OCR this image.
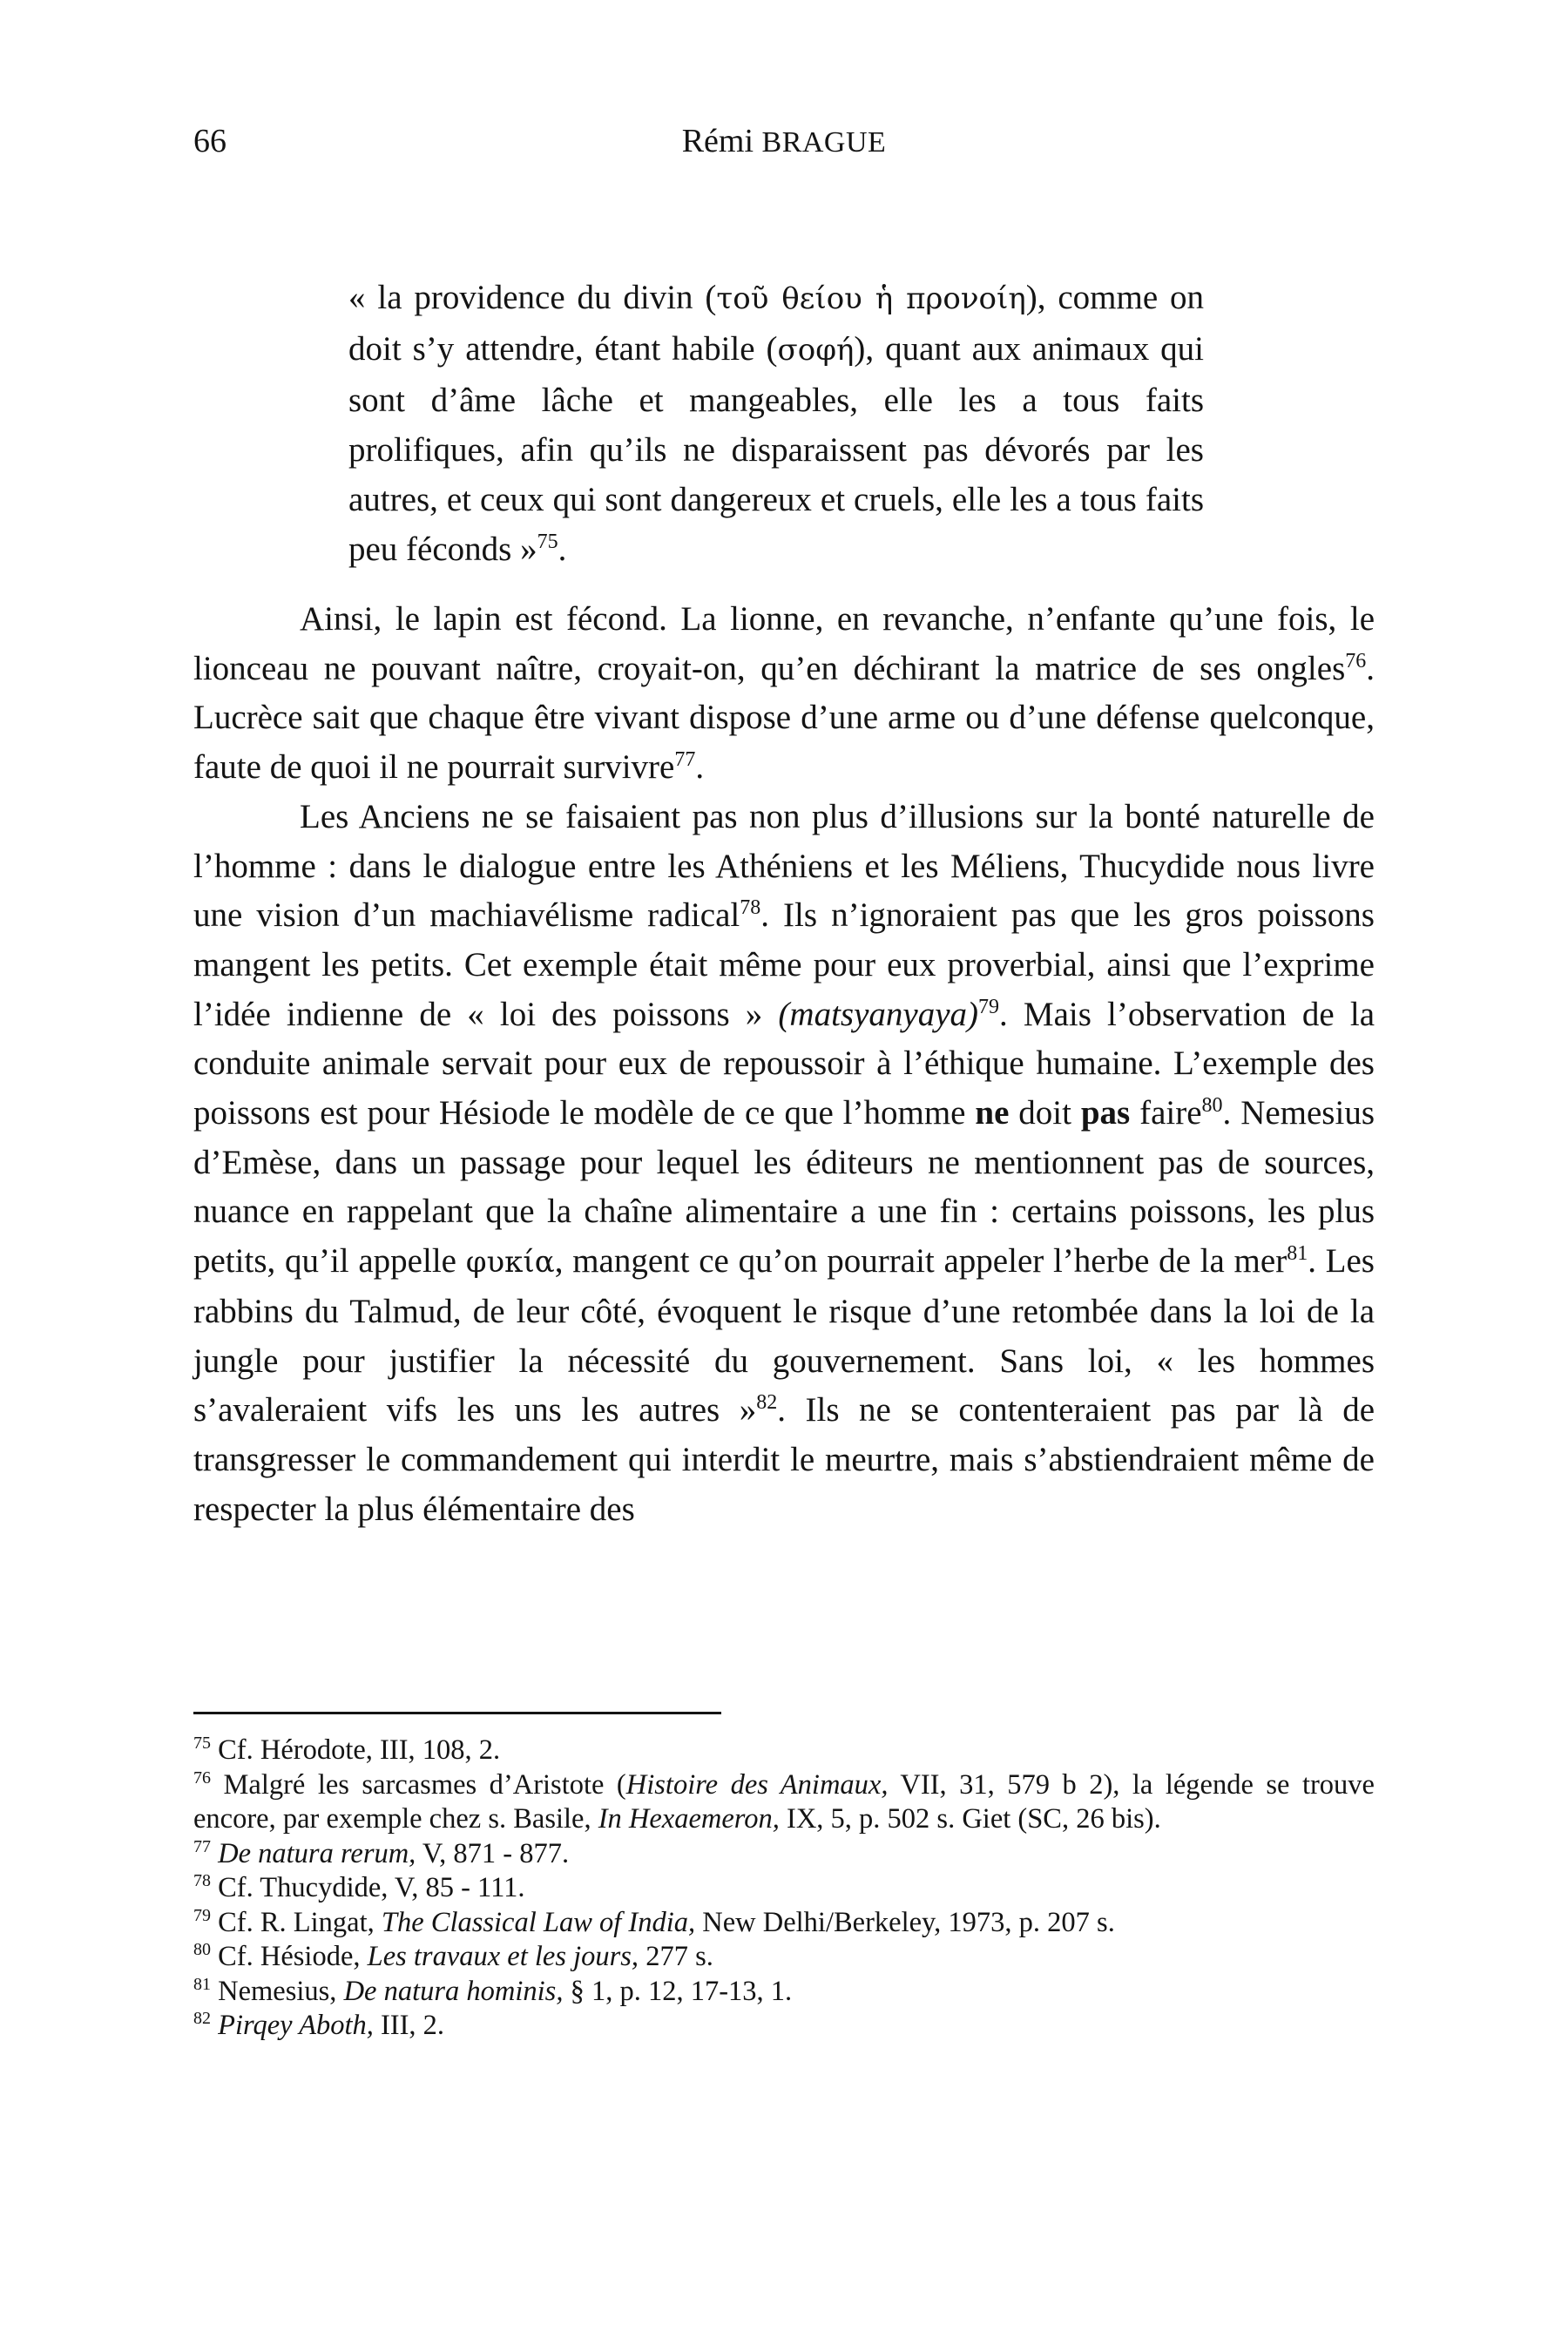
66	Rémi BRAGUE
« la providence du divin (τοῦ θείου ἡ προνοίη), comme on doit s’y attendre, étant habile (σοφή), quant aux animaux qui sont d’âme lâche et mangeables, elle les a tous faits prolifiques, afin qu’ils ne disparaissent pas dévorés par les autres, et ceux qui sont dangereux et cruels, elle les a tous faits peu féconds »$^{75}$.

Ainsi, le lapin est fécond. La lionne, en revanche, n’enfante qu’une fois, le lionceau ne pouvant naître, croyait-on, qu’en déchirant la matrice de ses ongles$^{76}$. Lucrèce sait que chaque être vivant dispose d’une arme ou d’une défense quelconque, faute de quoi il ne pourrait survivre$^{77}$.

Les Anciens ne se faisaient pas non plus d’illusions sur la bonté naturelle de l’homme : dans le dialogue entre les Athéniens et les Méliens, Thucydide nous livre une vision d’un machiavélisme radical$^{78}$. Ils n’ignoraient pas que les gros poissons mangent les petits. Cet exemple était même pour eux proverbial, ainsi que l’exprime l’idée indienne de « loi des poissons » (matsyanyaya)$^{79}$. Mais l’observation de la conduite animale servait pour eux de repoussoir à l’éthique humaine. L’exemple des poissons est pour Hésiode le modèle de ce que l’homme ne doit pas faire$^{80}$. Nemesius d’Emèse, dans un passage pour lequel les éditeurs ne mentionnent pas de sources, nuance en rappelant que la chaîne alimentaire a une fin : certains poissons, les plus petits, qu’il appelle φυκία, mangent ce qu’on pourrait appeler l’herbe de la mer$^{81}$. Les rabbins du Talmud, de leur côté, évoquent le risque d’une retombée dans la loi de la jungle pour justifier la nécessité du gouvernement. Sans loi, « les hommes s’avaleraient vifs les uns les autres »$^{82}$. Ils ne se contenteraient pas par là de transgresser le commandement qui interdit le meurtre, mais s’abstiendraient même de respecter la plus élémentaire des

$^{75}$ Cf. Hérodote, III, 108, 2.

$^{76}$ Malgré les sarcasmes d’Aristote (Histoire des Animaux, VII, 31, 579 b 2), la légende se trouve encore, par exemple chez s. Basile, In Hexaemeron, IX, 5, p. 502 s. Giet (SC, 26 bis).

$^{77}$ De natura rerum, V, 871 - 877.

$^{78}$ Cf. Thucydide, V, 85 - 111.

$^{79}$ Cf. R. Lingat, The Classical Law of India, New Delhi/Berkeley, 1973, p. 207 s.

$^{80}$ Cf. Hésiode, Les travaux et les jours, 277 s.

$^{81}$ Nemesius, De natura hominis, § 1, p. 12, 17-13, 1.

$^{82}$ Pirqey Aboth, III, 2.
